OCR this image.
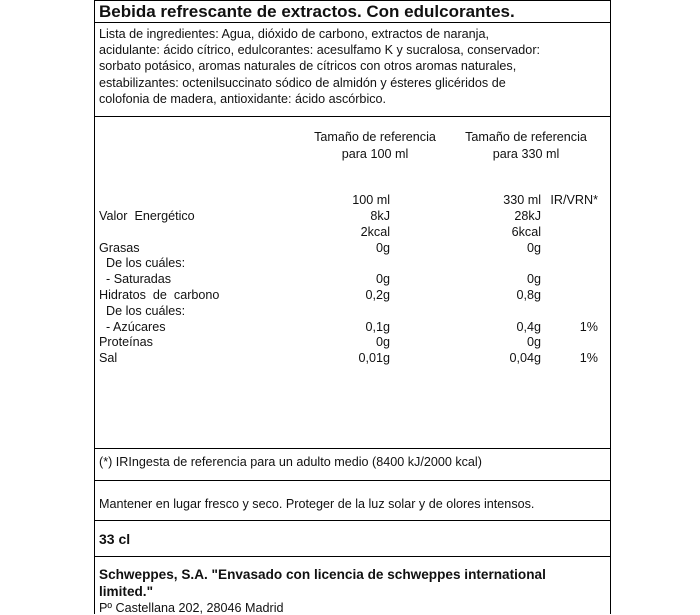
Bebida refrescante de extractos. Con edulcorantes.
Lista de ingredientes: Agua, dióxido de carbono, extractos de naranja,
acidulante: ácido cítrico, edulcorantes: acesulfamo K y sucralosa, conservador:
sorbato potásico, aromas naturales de cítricos con otros aromas naturales,
estabilizantes: octenilsuccinato sódico de almidón y ésteres glicéridos de
colofonia de madera, antioxidante: ácido ascórbico.
Tamaño de referencia
para 100 ml
Tamaño de referencia
para 330 ml
100 ml	330 ml IR/VRN*
Valor  Energético	8kJ	28kJ
2kcal	6kcal
Grasas	0g	0g
De los cuáles:
- Saturadas	0g	0g
Hidratos  de  carbono	0,2g	0,8g
De los cuáles:
- Azúcares	0,1g	0,4g	1%
Proteínas	0g	0g
Sal	0,01g	0,04g	1%
(*) IRIngesta de referencia para un adulto medio (8400 kJ/2000 kcal)
Mantener en lugar fresco y seco. Proteger de la luz solar y de olores intensos.
33 cl
Schweppes, S.A. "Envasado con licencia de schweppes international
limited."
Pº Castellana 202, 28046 Madrid
